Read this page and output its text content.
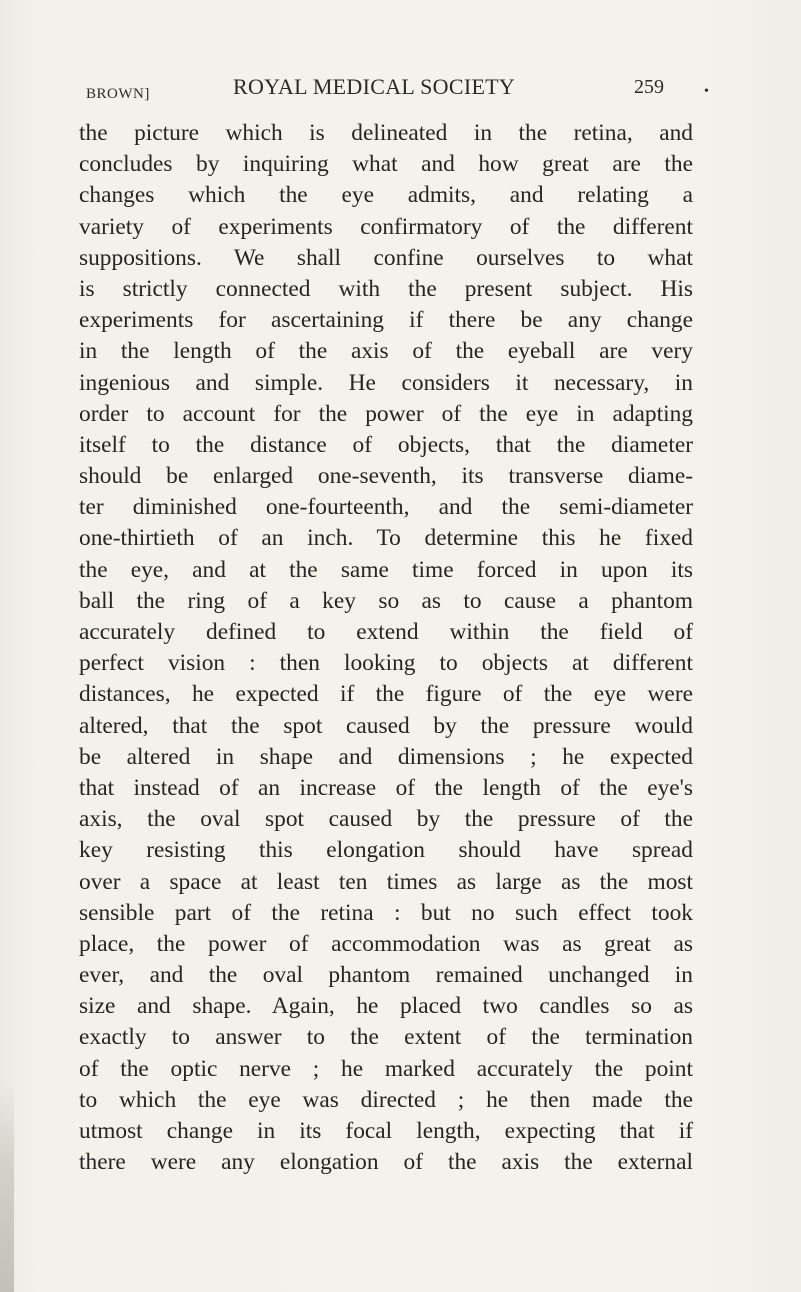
BROWN]	ROYAL MEDICAL SOCIETY	259	•
the picture which is delineated in the retina, and
concludes by inquiring what and how great are the
changes which the eye admits, and relating a
variety of experiments confirmatory of the different
suppositions. We shall confine ourselves to what
is strictly connected with the present subject. His
experiments for ascertaining if there be any change
in the length of the axis of the eyeball are very
ingenious and simple. He considers it necessary, in
order to account for the power of the eye in adapting
itself to the distance of objects, that the diameter
should be enlarged one-seventh, its transverse diame-
ter diminished one-fourteenth, and the semi-diameter
one-thirtieth of an inch. To determine this he fixed
the eye, and at the same time forced in upon its
ball the ring of a key so as to cause a phantom
accurately defined to extend within the field of
perfect vision : then looking to objects at different
distances, he expected if the figure of the eye were
altered, that the spot caused by the pressure would
be altered in shape and dimensions ; he expected
that instead of an increase of the length of the eye's
axis, the oval spot caused by the pressure of the
key resisting this elongation should have spread
over a space at least ten times as large as the most
sensible part of the retina : but no such effect took
place, the power of accommodation was as great as
ever, and the oval phantom remained unchanged in
size and shape. Again, he placed two candles so as
exactly to answer to the extent of the termination
of the optic nerve ; he marked accurately the point
to which the eye was directed ; he then made the
utmost change in its focal length, expecting that if
there were any elongation of the axis the external
